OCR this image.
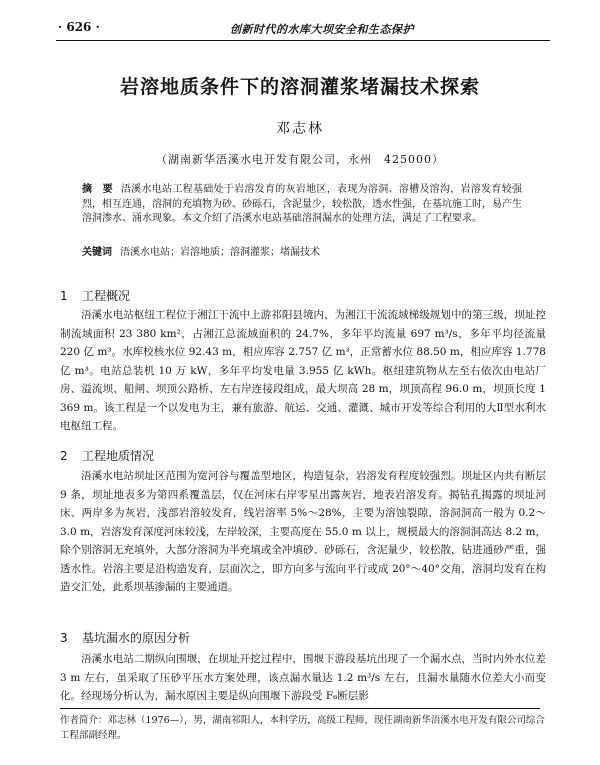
· 626 ·	创新时代的水库大坝安全和生态保护
岩溶地质条件下的溶洞灌浆堵漏技术探索
邓志林
（湖南新华浯溪水电开发有限公司，永州　425000）
摘　要 浯溪水电站工程基础处于岩溶发育的灰岩地区，表现为溶洞、溶槽及溶沟，岩溶发育较强烈，相互连通，溶洞的充填物为砂、砂砾石，含泥量少，较松散，透水性强，在基坑施工时，易产生溶洞渗水、涌水现象。本文介绍了浯溪水电站基础溶洞漏水的处理方法，满足了工程要求。
关键词 浯溪水电站；岩溶地质；溶洞灌浆；堵漏技术
1 工程概况

浯溪水电站枢纽工程位于湘江干流中上游祁阳县境内，为湘江干流流域梯级规划中的第三级，坝址控制流域面积 23 380 km²，占湘江总流域面积的 24.7%，多年平均流量 697 m³/s，多年平均径流量 220 亿 m³。水库校核水位 92.43 m，相应库容 2.757 亿 m³，正常蓄水位 88.50 m，相应库容 1.778 亿 m³。电站总装机 10 万 kW，多年平均发电量 3.955 亿 kWh。枢纽建筑物从左至右依次由电站厂房、溢流坝、船闸、坝顶公路桥、左右岸连接段组成，最大坝高 28 m，坝顶高程 96.0 m，坝顶长度 1 369 m。该工程是一个以发电为主，兼有旅游、航运、交通、灌溉、城市开发等综合利用的大Ⅱ型水利水电枢纽工程。

2 工程地质情况

浯溪水电站坝址区范围为宽河谷与覆盖型地区，构造复杂，岩溶发育程度较强烈。坝址区内共有断层 9 条，坝址地表多为第四系覆盖层，仅在河床右岸零星出露灰岩，地表岩溶发育。揭钻孔揭露的坝址河床、两岸多为灰岩，浅部岩溶较发育，线岩溶率 5%～28%，主要为溶蚀裂隙，溶洞洞高一般为 0.2～3.0 m，岩溶发育深度河床较浅，左岸较深，主要高度在 55.0 m 以上，规模最大的溶洞洞高达 8.2 m，除个别溶洞无充填外，大部分溶洞为半充填或全冲填砂、砂砾石，含泥量少，较松散，钻进通砂严重，强透水性。岩溶主要是沿构造发育，层面次之，即方向多与流向平行或成 20°～40°交角，溶洞均发育在构造交汇处，此系坝基渗漏的主要通道。

3 基坑漏水的原因分析

浯溪水电站二期纵向围堰，在坝址开挖过程中，围堰下游段基坑出现了一个漏水点，当时内外水位差 3 m 左右，虽采取了压砂平压水方案处理，该点漏水量达 1.2 m³/s 左右，且漏水量随水位差大小而变化。经现场分析认为，漏水原因主要是纵向围堰下游段受 F₆断层影

作者简介：邓志林（1976—），男，湖南祁阳人，本科学历，高级工程师，现任湖南新华浯溪水电开发有限公司综合工程部副经理。
